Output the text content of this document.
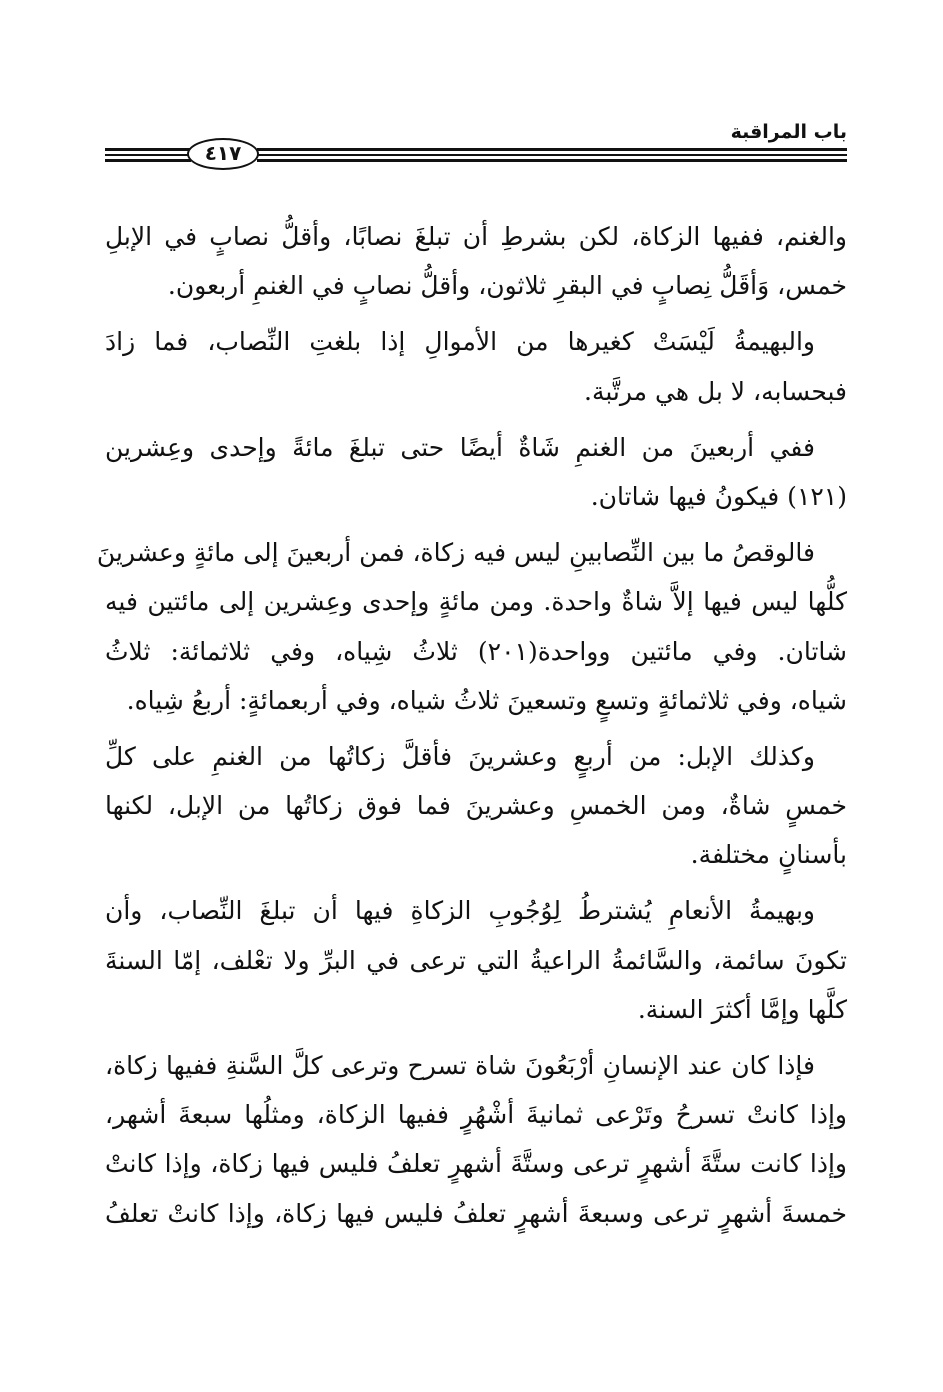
باب المراقبة
٤١٧
والغنم، ففيها الزكاة، لكن بشرطِ أن تبلغَ نصابًا، وأقلُّ نصابٍ في الإبلِ
خمس، وَأقَلُّ نِصابٍ في البقرِ ثلاثون، وأقلُّ نصابٍ في الغنمِ أربعون.
والبهيمةُ لَيْسَتْ كغيرها من الأموالِ إذا بلغتِ النِّصاب، فما زادَ
فبحسابه، لا بل هي مرتَّبة.
ففي أربعينَ من الغنمِ شَاةٌ أيضًا حتى تبلغَ مائةً وإحدى وعِشرين
(١٢١) فيكونُ فيها شاتان.
فالوقصُ ما بين النِّصابينِ ليس فيه زكاة، فمن أربعينَ إلى مائةٍ وعشرينَ
كلُّها ليس فيها إلاَّ شاةٌ واحدة. ومن مائةٍ وإحدى وعِشرين إلى مائتين فيه
شاتان. وفي مائتين وواحدة(٢٠١) ثلاثُ شِياه، وفي ثلاثمائة: ثلاثُ
شياه، وفي ثلاثمائةٍ وتسعٍ وتسعينَ ثلاثُ شياه، وفي أربعمائةٍ: أربعُ شِياه.
وكذلك الإبل: من أربعٍ وعشرينَ فأقلَّ زكاتُها من الغنمِ على كلِّ
خمسٍ شاةٌ، ومن الخمسِ وعشرينَ فما فوق زكاتُها من الإبل، لكنها
بأسنانٍ مختلفة.
وبهيمةُ الأنعامِ يُشترطُ لِوُجُوبِ الزكاةِ فيها أن تبلغَ النِّصاب، وأن
تكونَ سائمة، والسَّائمةُ الراعيةُ التي ترعى في البرِّ ولا تعْلف، إمّا السنةَ
كلَّها وإمَّا أكثرَ السنة.
فإذا كان عند الإنسانِ أرْبَعُونَ شاة تسرح وترعى كلَّ السَّنةِ ففيها زكاة،
وإذا كانتْ تسرحُ وتَرْعى ثمانيةَ أشْهُرٍ ففيها الزكاة، ومثلُها سبعةَ أشهر،
وإذا كانت ستَّةَ أشهرٍ ترعى وستَّةَ أشهرٍ تعلفُ فليس فيها زكاة، وإذا كانتْ
خمسةَ أشهرٍ ترعى وسبعةَ أشهرٍ تعلفُ فليس فيها زكاة، وإذا كانتْ تعلفُ
